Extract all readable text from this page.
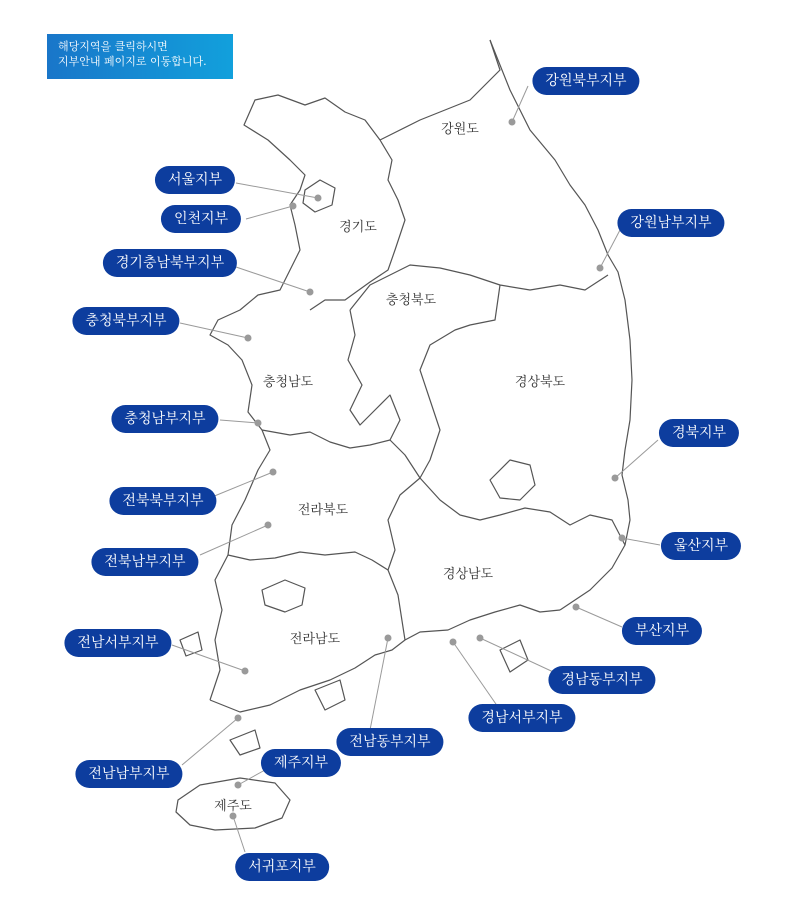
해당지역을 클릭하시면
지부안내 페이지로 이동합니다.
강원도
경기도
충청북도
충청남도	경상북도
전라북도
경상남도
전라남도
제주도
강원북부지부
강원남부지부
서울지부
인천지부
경기충남북부지부
충청북부지부
충청남부지부
경북지부
전북북부지부
울산지부
전북남부지부
부산지부
전남서부지부
경남동부지부
경남서부지부
전남동부지부
전남남부지부
제주지부
서귀포지부
